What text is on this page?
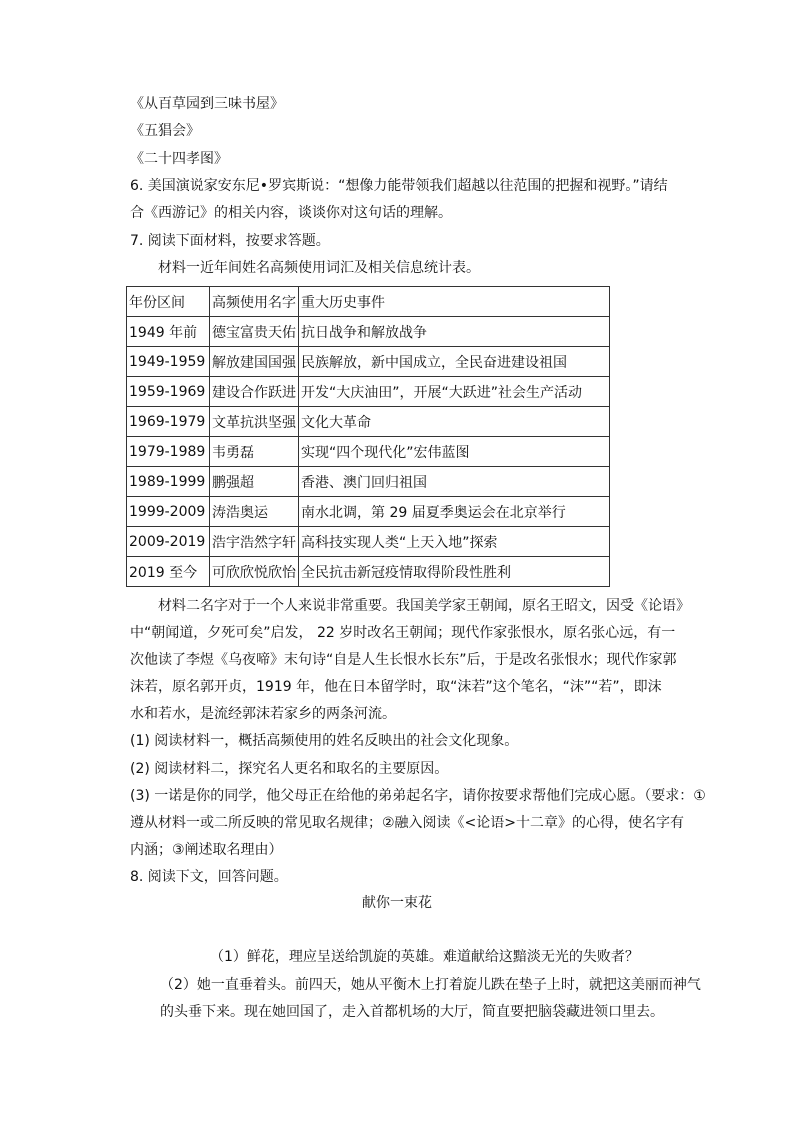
《从百草园到三味书屋》
《五猖会》
《二十四孝图》
6. 美国演说家安东尼•罗宾斯说：“想像力能带领我们超越以往范围的把握和视野。”请结
合《西游记》的相关内容，谈谈你对这句话的理解。
7. 阅读下面材料，按要求答题。
材料一近年间姓名高频使用词汇及相关信息统计表。
年份区间	高频使用名字	重大历史事件
1949 年前	德宝富贵天佑	抗日战争和解放战争
1949-1959	解放建国国强	民族解放，新中国成立，全民奋进建设祖国
1959-1969	建设合作跃进	开发“大庆油田”，开展“大跃进”社会生产活动
1969-1979	文革抗洪坚强	文化大革命
1979-1989	韦勇磊	实现“四个现代化”宏伟蓝图
1989-1999	鹏强超	香港、澳门回归祖国
1999-2009	涛浩奥运	南水北调，第 29 届夏季奥运会在北京举行
2009-2019	浩宇浩然字轩	高科技实现人类“上天入地”探索
2019 至今	可欣欣悦欣怡	全民抗击新冠疫情取得阶段性胜利
材料二名字对于一个人来说非常重要。我国美学家王朝闻，原名王昭文，因受《论语》
中“朝闻道，夕死可矣”启发， 22 岁时改名王朝闻；现代作家张恨水，原名张心远，有一
次他读了李煜《乌夜啼》末句诗“自是人生长恨水长东”后，于是改名张恨水；现代作家郭
沫若，原名郭开贞，1919 年，他在日本留学时，取“沫若”这个笔名，“沫”“若”，即沫
水和若水，是流经郭沫若家乡的两条河流。
(1) 阅读材料一，概括高频使用的姓名反映出的社会文化现象。
(2) 阅读材料二，探究名人更名和取名的主要原因。
(3) 一诺是你的同学，他父母正在给他的弟弟起名字，请你按要求帮他们完成心愿。（要求：①
遵从材料一或二所反映的常见取名规律；②融入阅读《<论语>十二章》的心得，使名字有
内涵；③阐述取名理由）
8. 阅读下文，回答问题。
献你一束花
（1）鲜花，理应呈送给凯旋的英雄。难道献给这黯淡无光的失败者？
（2）她一直垂着头。前四天，她从平衡木上打着旋儿跌在垫子上时，就把这美丽而神气
的头垂下来。现在她回国了，走入首都机场的大厅，简直要把脑袋藏进领口里去。
